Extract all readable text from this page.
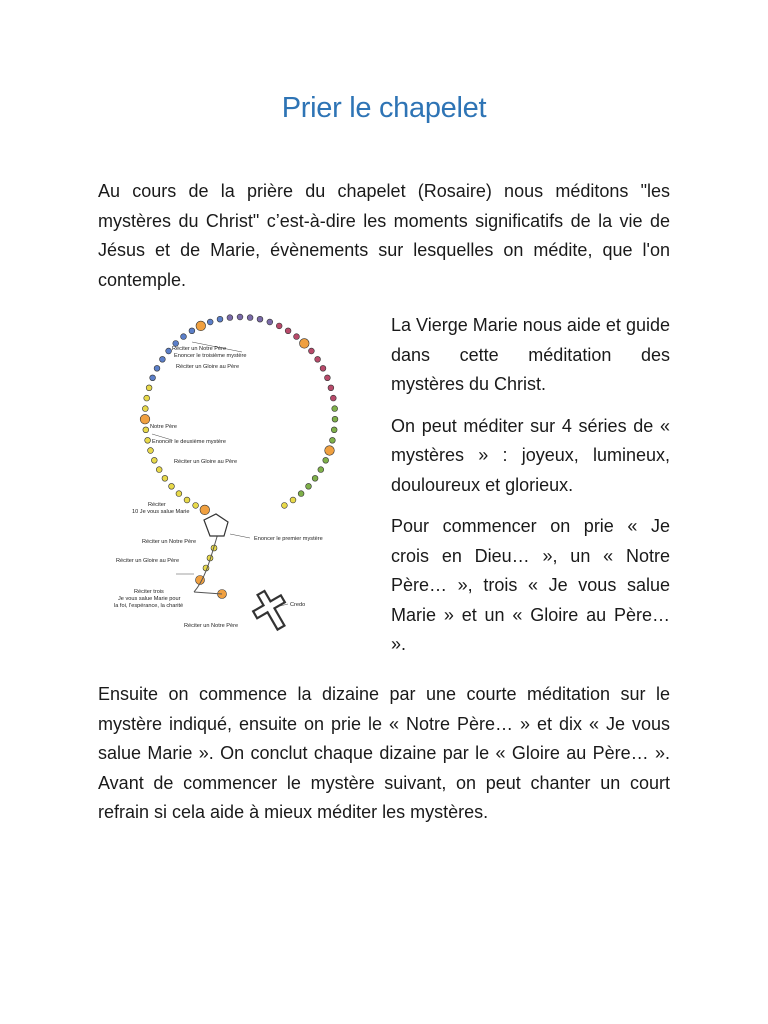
Prier le chapelet

Au cours de la prière du chapelet (Rosaire) nous méditons "les mystères du Christ" c’est-à-dire les moments significatifs de la vie de Jésus et de Marie, évènements sur lesquelles on médite, que l'on contemple.

Réciter un Notre Père
Enoncer le troisième mystère
Réciter un Gloire au Père
Notre Père
Enoncer le deuxième mystère
Réciter un Gloire au Père
Réciter
10 Je vous salue Marie
Enoncer le premier mystère
Réciter un Notre Père
Réciter un Gloire au Père
Réciter trois
Je vous salue Marie pour
la foi, l'espérance, la charité	Credo
Réciter un Notre Père

La Vierge Marie nous aide et guide dans cette méditation des mystères du Christ.

On peut méditer sur 4 séries de « mystères » : joyeux, lumineux, douloureux et glorieux.

Pour commencer on prie « Je crois en Dieu… », un « Notre Père… », trois « Je vous salue Marie » et un « Gloire au Père… ».

Ensuite on commence la dizaine par une courte méditation sur le mystère indiqué, ensuite on prie le « Notre Père… » et dix « Je vous salue Marie ». On conclut chaque dizaine par le « Gloire au Père… ». Avant de commencer le mystère suivant, on peut chanter un court refrain si cela aide à mieux méditer les mystères.
